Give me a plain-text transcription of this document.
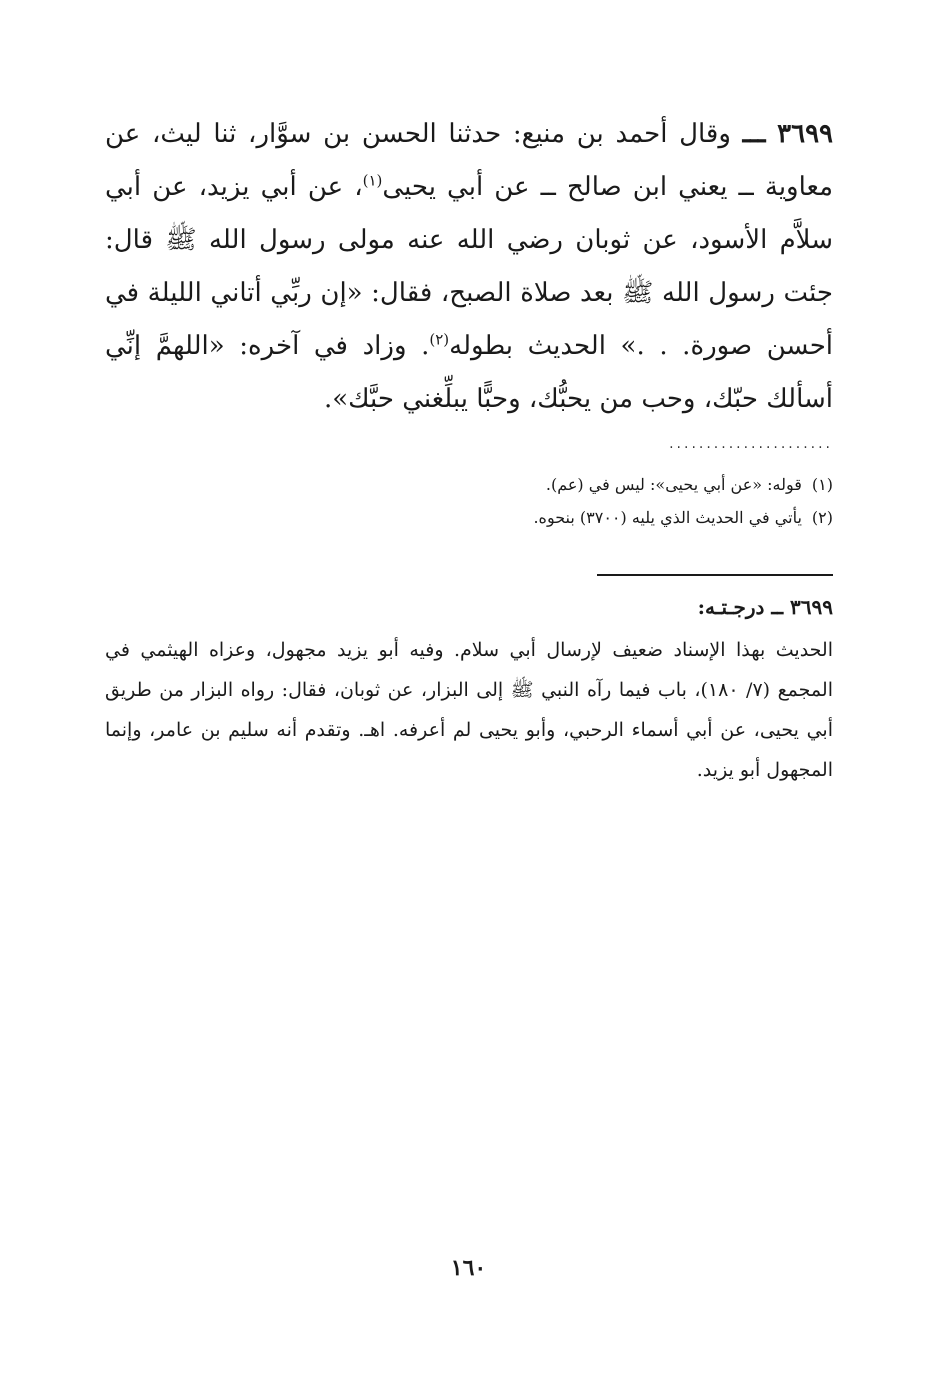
٣٦٩٩ ـــ وقال أحمد بن منيع: حدثنا الحسن بن سوَّار، ثنا ليث، عن معاوية ــ يعني ابن صالح ــ عن أبي يحيى$^{(١)}$، عن أبي يزيد، عن أبي سلاَّم الأسود، عن ثوبان رضي الله عنه مولى رسول الله ﷺ قال: جئت رسول الله ﷺ بعد صلاة الصبح، فقال: «إن ربِّي أتاني الليلة في أحسن صورة. . .» الحديث بطوله$^{(٢)}$. وزاد في آخره: «اللهمَّ إنِّي أسألك حبّك، وحب من يحبُّك، وحبًّا يبلِّغني حبَّك».

......................
(١)قوله: «عن أبي يحيى»: ليس في (عم).
(٢)يأتي في الحديث الذي يليه (٣٧٠٠) بنحوه.
٣٦٩٩ ــ درجـتـه:

الحديث بهذا الإسناد ضعيف لإرسال أبي سلام. وفيه أبو يزيد مجهول، وعزاه الهيثمي في المجمع (٧/ ١٨٠)، باب فيما رآه النبي ﷺ إلى البزار، عن ثوبان، فقال: رواه البزار من طريق أبي يحيى، عن أبي أسماء الرحبي، وأبو يحيى لم أعرفه. اهـ. وتقدم أنه سليم بن عامر، وإنما المجهول أبو يزيد.

١٦٠
